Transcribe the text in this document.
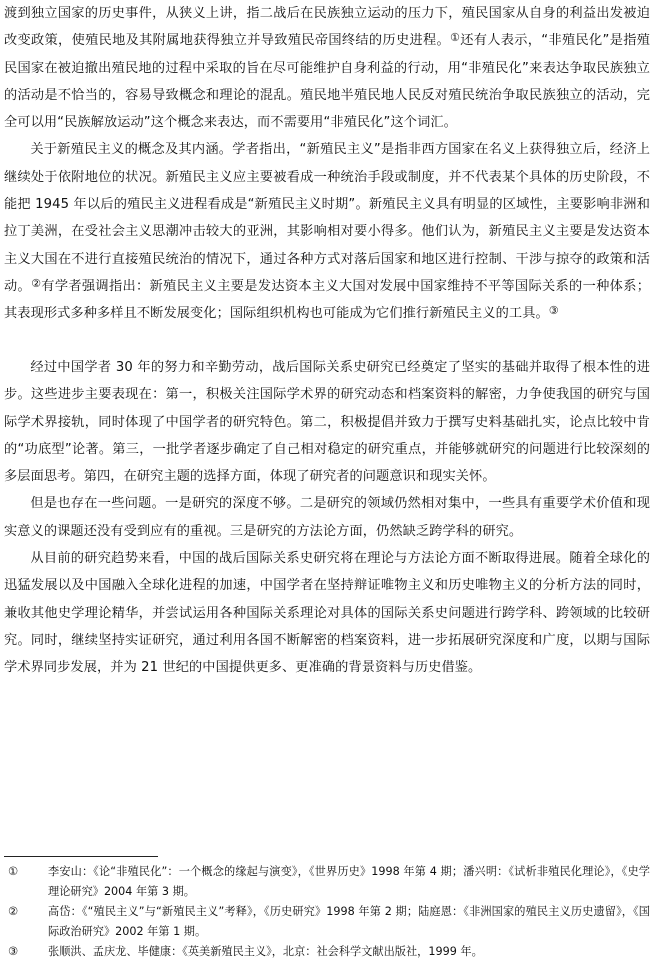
渡到独立国家的历史事件，从狭义上讲，指二战后在民族独立运动的压力下，殖民国家从自身的利益出发被迫改变政策，使殖民地及其附属地获得独立并导致殖民帝国终结的历史进程。①还有人表示，“非殖民化”是指殖民国家在被迫撤出殖民地的过程中采取的旨在尽可能维护自身利益的行动，用“非殖民化”来表达争取民族独立的活动是不恰当的，容易导致概念和理论的混乱。殖民地半殖民地人民反对殖民统治争取民族独立的活动，完全可以用“民族解放运动”这个概念来表达，而不需要用“非殖民化”这个词汇。

关于新殖民主义的概念及其内涵。学者指出，“新殖民主义”是指非西方国家在名义上获得独立后，经济上继续处于依附地位的状况。新殖民主义应主要被看成一种统治手段或制度，并不代表某个具体的历史阶段，不能把 1945 年以后的殖民主义进程看成是“新殖民主义时期”。新殖民主义具有明显的区域性，主要影响非洲和拉丁美洲，在受社会主义思潮冲击较大的亚洲，其影响相对要小得多。他们认为，新殖民主义主要是发达资本主义大国在不进行直接殖民统治的情况下，通过各种方式对落后国家和地区进行控制、干涉与掠夺的政策和活动。②有学者强调指出：新殖民主义主要是发达资本主义大国对发展中国家维持不平等国际关系的一种体系；其表现形式多种多样且不断发展变化；国际组织机构也可能成为它们推行新殖民主义的工具。③

经过中国学者 30 年的努力和辛勤劳动，战后国际关系史研究已经奠定了坚实的基础并取得了根本性的进步。这些进步主要表现在：第一，积极关注国际学术界的研究动态和档案资料的解密，力争使我国的研究与国际学术界接轨，同时体现了中国学者的研究特色。第二，积极提倡并致力于撰写史料基础扎实，论点比较中肯的“功底型”论著。第三，一批学者逐步确定了自己相对稳定的研究重点，并能够就研究的问题进行比较深刻的多层面思考。第四，在研究主题的选择方面，体现了研究者的问题意识和现实关怀。

但是也存在一些问题。一是研究的深度不够。二是研究的领域仍然相对集中，一些具有重要学术价值和现实意义的课题还没有受到应有的重视。三是研究的方法论方面，仍然缺乏跨学科的研究。

从目前的研究趋势来看，中国的战后国际关系史研究将在理论与方法论方面不断取得进展。随着全球化的迅猛发展以及中国融入全球化进程的加速，中国学者在坚持辩证唯物主义和历史唯物主义的分析方法的同时，兼收其他史学理论精华，并尝试运用各种国际关系理论对具体的国际关系史问题进行跨学科、跨领域的比较研究。同时，继续坚持实证研究，通过利用各国不断解密的档案资料，进一步拓展研究深度和广度，以期与国际学术界同步发展，并为 21 世纪的中国提供更多、更准确的背景资料与历史借鉴。

①	李安山：《论“非殖民化”：一个概念的缘起与演变》，《世界历史》1998 年第 4 期；潘兴明：《试析非殖民化理论》，《史学理论研究》2004 年第 3 期。
②	高岱：《“殖民主义”与“新殖民主义”考释》，《历史研究》1998 年第 2 期；陆庭恩：《非洲国家的殖民主义历史遗留》，《国际政治研究》2002 年第 1 期。
③	张顺洪、孟庆龙、毕健康：《英美新殖民主义》，北京：社会科学文献出版社，1999 年。
